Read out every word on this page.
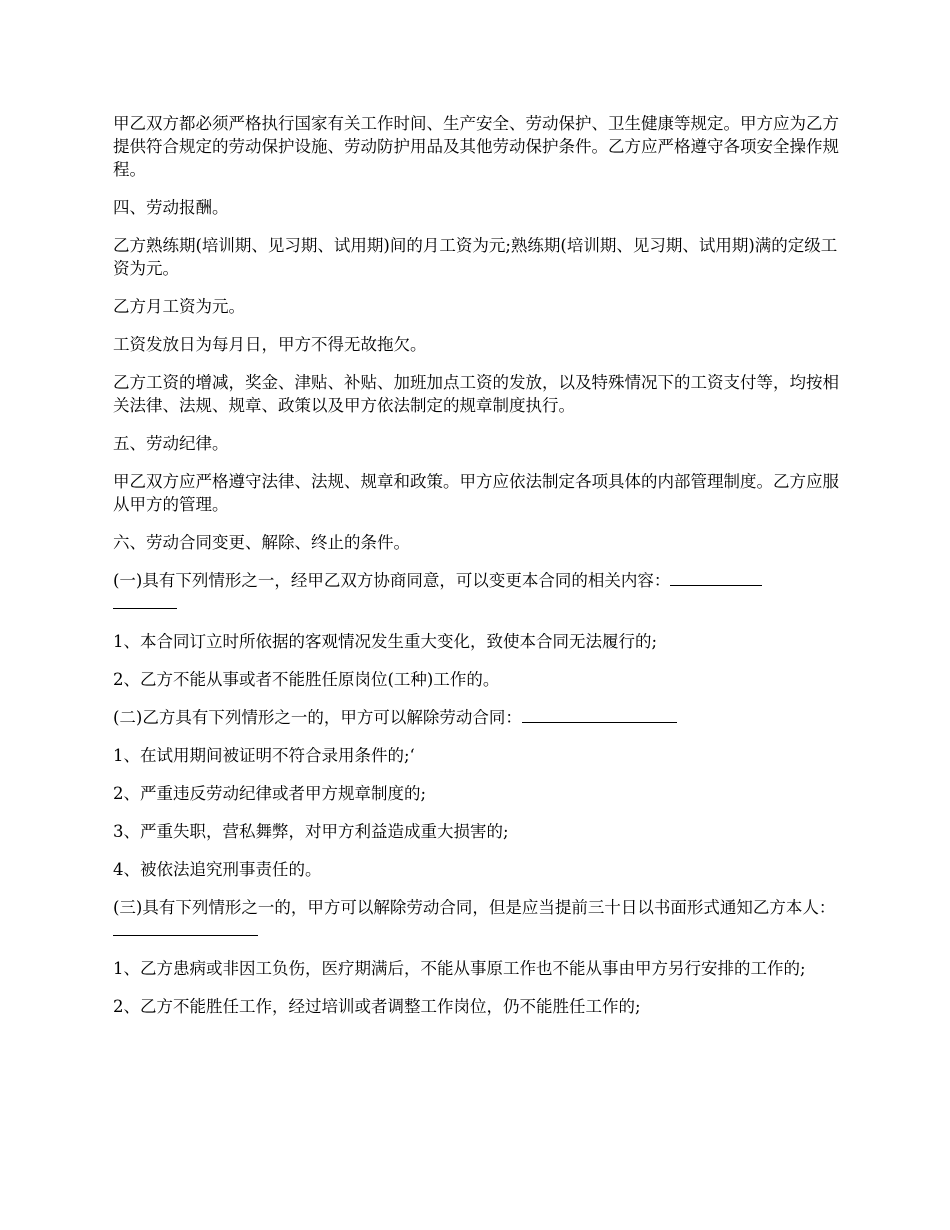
甲乙双方都必须严格执行国家有关工作时间、生产安全、劳动保护、卫生健康等规定。甲方应为乙方提供符合规定的劳动保护设施、劳动防护用品及其他劳动保护条件。乙方应严格遵守各项安全操作规程。

四、劳动报酬。

乙方熟练期(培训期、见习期、试用期)间的月工资为元;熟练期(培训期、见习期、试用期)满的定级工资为元。

乙方月工资为元。

工资发放日为每月日，甲方不得无故拖欠。

乙方工资的增减，奖金、津贴、补贴、加班加点工资的发放，以及特殊情况下的工资支付等，均按相关法律、法规、规章、政策以及甲方依法制定的规章制度执行。

五、劳动纪律。

甲乙双方应严格遵守法律、法规、规章和政策。甲方应依法制定各项具体的内部管理制度。乙方应服从甲方的管理。

六、劳动合同变更、解除、终止的条件。

(一)具有下列情形之一，经甲乙双方协商同意，可以变更本合同的相关内容：

1、本合同订立时所依据的客观情况发生重大变化，致使本合同无法履行的;

2、乙方不能从事或者不能胜任原岗位(工种)工作的。

(二)乙方具有下列情形之一的，甲方可以解除劳动合同：

1、在试用期间被证明不符合录用条件的;‘

2、严重违反劳动纪律或者甲方规章制度的;

3、严重失职，营私舞弊，对甲方利益造成重大损害的;

4、被依法追究刑事责任的。

(三)具有下列情形之一的，甲方可以解除劳动合同，但是应当提前三十日以书面形式通知乙方本人：

1、乙方患病或非因工负伤，医疗期满后，不能从事原工作也不能从事由甲方另行安排的工作的;

2、乙方不能胜任工作，经过培训或者调整工作岗位，仍不能胜任工作的;
